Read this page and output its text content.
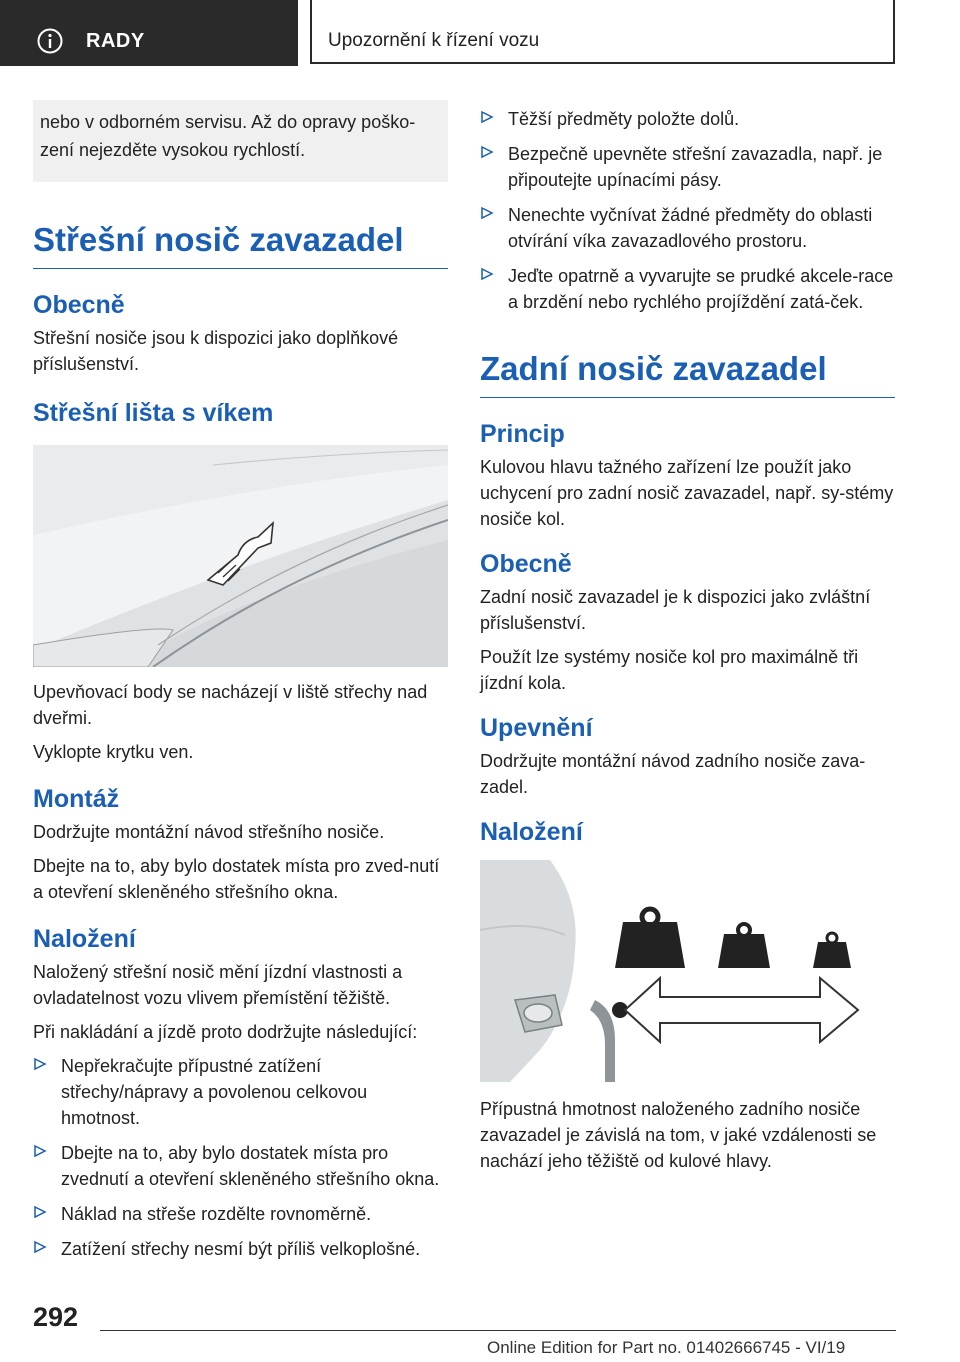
RADY	Upozornění k řízení vozu
nebo v odborném servisu. Až do opravy poško‐zení nejezděte vysokou rychlostí.
Střešní nosič zavazadel
Obecně

Střešní nosiče jsou k dispozici jako doplňkové příslušenství.

Střešní lišta s víkem

Upevňovací body se nacházejí v liště střechy nad dveřmi.

Vyklopte krytku ven.

Montáž

Dodržujte montážní návod střešního nosiče.

Dbejte na to, aby bylo dostatek místa pro zved‐nutí a otevření skleněného střešního okna.

Naložení

Naložený střešní nosič mění jízdní vlastnosti a ovladatelnost vozu vlivem přemístění těžiště.

Při nakládání a jízdě proto dodržujte následující:

Nepřekračujte přípustné zatížení střechy/nápravy a povolenou celkovou hmotnost.
Dbejte na to, aby bylo dostatek místa pro zvednutí a otevření skleněného střešního okna.
Náklad na střeše rozdělte rovnoměrně.
Zatížení střechy nesmí být příliš velkoplošné.
Těžší předměty položte dolů.
Bezpečně upevněte střešní zavazadla, např. je připoutejte upínacími pásy.
Nenechte vyčnívat žádné předměty do oblasti otvírání víka zavazadlového prostoru.
Jeďte opatrně a vyvarujte se prudké akcele‐race a brzdění nebo rychlého projíždění zatá‐ček.
Zadní nosič zavazadel
Princip

Kulovou hlavu tažného zařízení lze použít jako uchycení pro zadní nosič zavazadel, např. sy‐stémy nosiče kol.

Obecně

Zadní nosič zavazadel je k dispozici jako zvláštní příslušenství.

Použít lze systémy nosiče kol pro maximálně tři jízdní kola.

Upevnění

Dodržujte montážní návod zadního nosiče zava‐zadel.

Naložení

Přípustná hmotnost naloženého zadního nosiče zavazadel je závislá na tom, v jaké vzdálenosti se nachází jeho těžiště od kulové hlavy.

292
Online Edition for Part no. 01402666745 - VI/19
